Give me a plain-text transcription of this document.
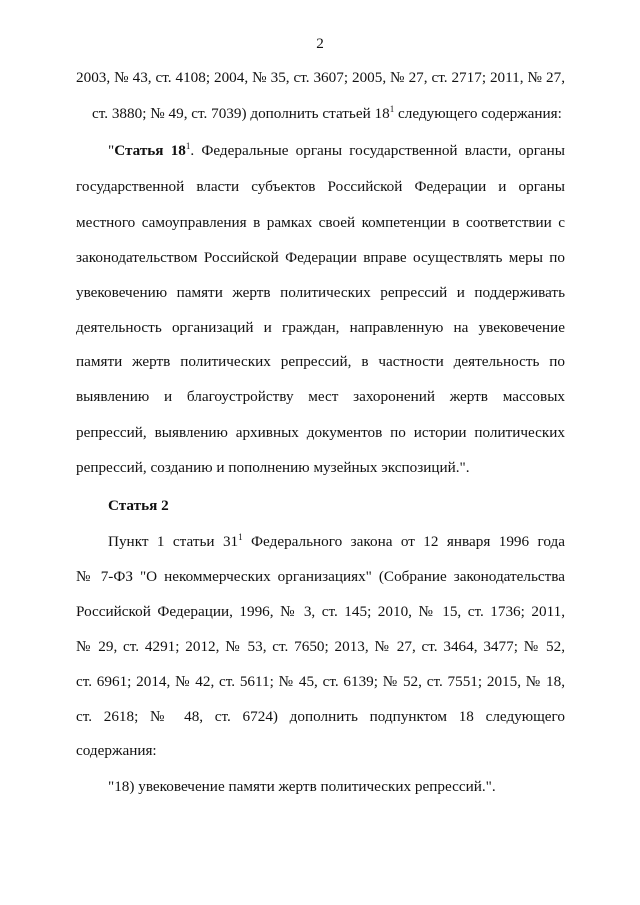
2
2003, № 43, ст. 4108; 2004, № 35, ст. 3607; 2005, № 27, ст. 2717; 2011, № 27,
ст. 3880; № 49, ст. 7039) дополнить статьей $18^1$ следующего содержания:
"Статья $18^1$. Федеральные органы государственной власти, органы
государственной власти субъектов Российской Федерации и органы
местного самоуправления в рамках своей компетенции в соответствии с
законодательством Российской Федерации вправе осуществлять меры по
увековечению памяти жертв политических репрессий и поддерживать
деятельность организаций и граждан, направленную на увековечение
памяти жертв политических репрессий, в частности деятельность по
выявлению и благоустройству мест захоронений жертв массовых
репрессий, выявлению архивных документов по истории политических
репрессий, созданию и пополнению музейных экспозиций.".
Статья 2
Пункт 1 статьи $31^1$ Федерального закона от 12 января 1996 года
№ 7-ФЗ "О некоммерческих организациях" (Собрание законодательства
Российской Федерации, 1996, № 3, ст. 145; 2010, № 15, ст. 1736; 2011,
№ 29, ст. 4291; 2012, № 53, ст. 7650; 2013, № 27, ст. 3464, 3477; № 52,
ст. 6961; 2014, № 42, ст. 5611; № 45, ст. 6139; № 52, ст. 7551; 2015, № 18,
ст. 2618; № 48, ст. 6724) дополнить подпунктом 18 следующего
содержания:
"18) увековечение памяти жертв политических репрессий.".
